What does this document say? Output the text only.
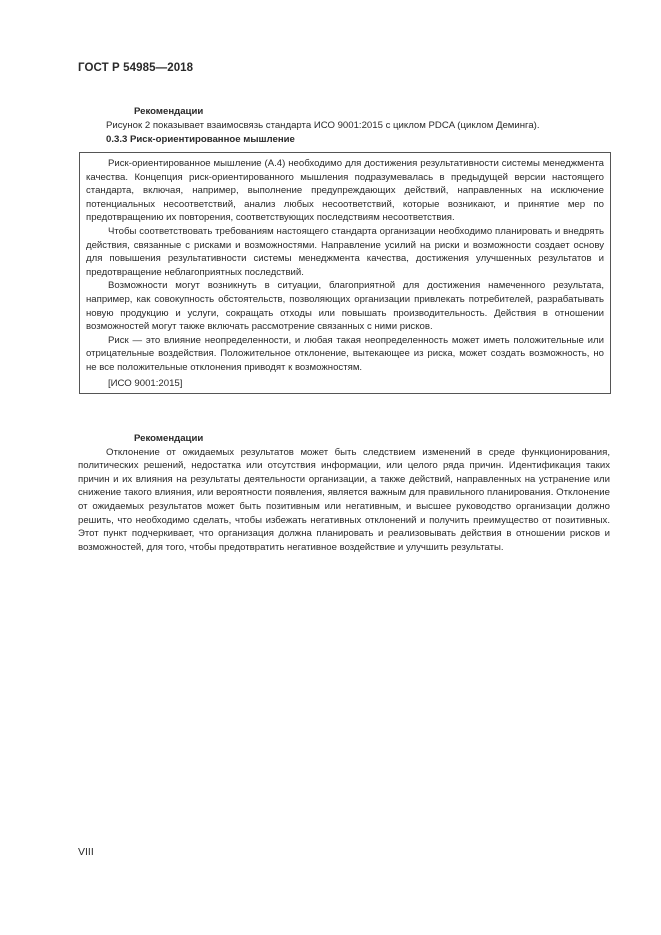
ГОСТ Р 54985—2018

Рекомендации

Рисунок 2 показывает взаимосвязь стандарта ИСО 9001:2015 с циклом PDCA (циклом Деминга).

0.3.3 Риск-ориентированное мышление

Риск-ориентированное мышление (А.4) необходимо для достижения результативности системы менеджмента качества. Концепция риск-ориентированного мышления подразумевалась в предыдущей версии настоящего стандарта, включая, например, выполнение предупреждающих действий, направленных на исключение потенциальных несоответствий, анализ любых несоответствий, которые возникают, и принятие мер по предотвращению их повторения, соответствующих последствиям несоответствия.

Чтобы соответствовать требованиям настоящего стандарта организации необходимо планировать и внедрять действия, связанные с рисками и возможностями. Направление усилий на риски и возможности создает основу для повышения результативности системы менеджмента качества, достижения улучшенных результатов и предотвращение неблагоприятных последствий.

Возможности могут возникнуть в ситуации, благоприятной для достижения намеченного результата, например, как совокупность обстоятельств, позволяющих организации привлекать потребителей, разрабатывать новую продукцию и услуги, сокращать отходы или повышать производительность. Действия в отношении возможностей могут также включать рассмотрение связанных с ними рисков.

Риск — это влияние неопределенности, и любая такая неопределенность может иметь положительные или отрицательные воздействия. Положительное отклонение, вытекающее из риска, может создать возможность, но не все положительные отклонения приводят к возможностям.

[ИСО 9001:2015]

Рекомендации

Отклонение от ожидаемых результатов может быть следствием изменений в среде функционирования, политических решений, недостатка или отсутствия информации, или целого ряда причин. Идентификация таких причин и их влияния на результаты деятельности организации, а также действий, направленных на устранение или снижение такого влияния, или вероятности появления, является важным для правильного планирования. Отклонение от ожидаемых результатов может быть позитивным или негативным, и высшее руководство организации должно решить, что необходимо сделать, чтобы избежать негативных отклонений и получить преимущество от позитивных. Этот пункт подчеркивает, что организация должна планировать и реализовывать действия в отношении рисков и возможностей, для того, чтобы предотвратить негативное воздействие и улучшить результаты.

VIII
